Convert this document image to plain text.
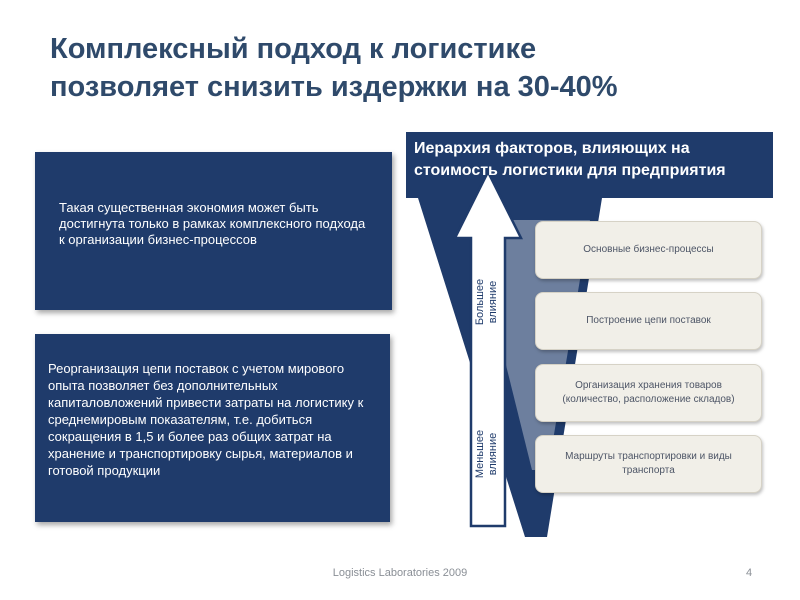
Комплексный подход к логистике
позволяет снизить издержки на 30-40%
Такая существенная экономия может быть достигнута только в рамках комплексного подхода к организации бизнес-процессов
Реорганизация цепи поставок с учетом мирового опыта позволяет без дополнительных капиталовложений привести затраты на логистику к среднемировым показателям, т.е. добиться сокращения в 1,5 и более раз общих затрат на хранение и транспортировку сырья, материалов и готовой продукции
Иерархия факторов, влияющих на
стоимость логистики для предприятия
Большее
влияние
Меньшее
влияние
Основные бизнес-процессы
Построение цепи поставок
Организация хранения товаров
(количество, расположение складов)
Маршруты транспортировки и виды
транспорта
Logistics Laboratories 2009	4
